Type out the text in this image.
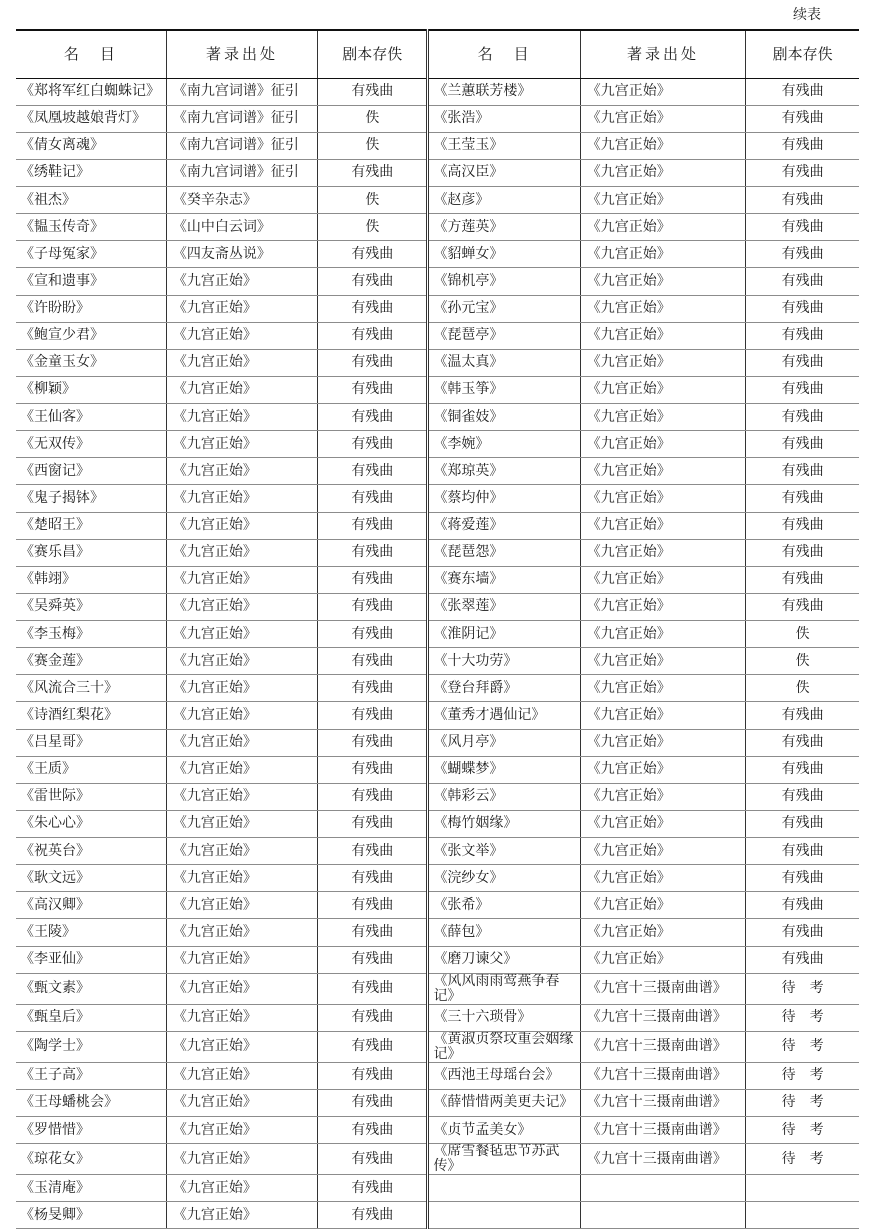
续表
名　目	著录出处	剧本存佚	名　目	著录出处	剧本存佚
《郑将军红白蜘蛛记》	《南九宫词谱》征引	有残曲	《兰蕙联芳楼》	《九宫正始》	有残曲
《凤凰坡越娘背灯》	《南九宫词谱》征引	佚	《张浩》	《九宫正始》	有残曲
《倩女离魂》	《南九宫词谱》征引	佚	《王莹玉》	《九宫正始》	有残曲
《绣鞋记》	《南九宫词谱》征引	有残曲	《高汉臣》	《九宫正始》	有残曲
《祖杰》	《癸辛杂志》	佚	《赵彦》	《九宫正始》	有残曲
《韫玉传奇》	《山中白云词》	佚	《方莲英》	《九宫正始》	有残曲
《子母冤家》	《四友斋丛说》	有残曲	《貂蝉女》	《九宫正始》	有残曲
《宣和遗事》	《九宫正始》	有残曲	《锦机亭》	《九宫正始》	有残曲
《许盼盼》	《九宫正始》	有残曲	《孙元宝》	《九宫正始》	有残曲
《鲍宣少君》	《九宫正始》	有残曲	《琵琶亭》	《九宫正始》	有残曲
《金童玉女》	《九宫正始》	有残曲	《温太真》	《九宫正始》	有残曲
《柳颖》	《九宫正始》	有残曲	《韩玉筝》	《九宫正始》	有残曲
《王仙客》	《九宫正始》	有残曲	《铜雀妓》	《九宫正始》	有残曲
《无双传》	《九宫正始》	有残曲	《李婉》	《九宫正始》	有残曲
《西窗记》	《九宫正始》	有残曲	《郑琼英》	《九宫正始》	有残曲
《鬼子揭钵》	《九宫正始》	有残曲	《蔡均仲》	《九宫正始》	有残曲
《楚昭王》	《九宫正始》	有残曲	《蒋爱莲》	《九宫正始》	有残曲
《赛乐昌》	《九宫正始》	有残曲	《琵琶怨》	《九宫正始》	有残曲
《韩翊》	《九宫正始》	有残曲	《赛东墙》	《九宫正始》	有残曲
《吴舜英》	《九宫正始》	有残曲	《张翠莲》	《九宫正始》	有残曲
《李玉梅》	《九宫正始》	有残曲	《淮阴记》	《九宫正始》	佚
《赛金莲》	《九宫正始》	有残曲	《十大功劳》	《九宫正始》	佚
《风流合三十》	《九宫正始》	有残曲	《登台拜爵》	《九宫正始》	佚
《诗酒红梨花》	《九宫正始》	有残曲	《董秀才遇仙记》	《九宫正始》	有残曲
《吕星哥》	《九宫正始》	有残曲	《风月亭》	《九宫正始》	有残曲
《王质》	《九宫正始》	有残曲	《蝴蝶梦》	《九宫正始》	有残曲
《雷世际》	《九宫正始》	有残曲	《韩彩云》	《九宫正始》	有残曲
《朱心心》	《九宫正始》	有残曲	《梅竹姻缘》	《九宫正始》	有残曲
《祝英台》	《九宫正始》	有残曲	《张文举》	《九宫正始》	有残曲
《耿文远》	《九宫正始》	有残曲	《浣纱女》	《九宫正始》	有残曲
《高汉卿》	《九宫正始》	有残曲	《张希》	《九宫正始》	有残曲
《王陵》	《九宫正始》	有残曲	《薛包》	《九宫正始》	有残曲
《李亚仙》	《九宫正始》	有残曲	《磨刀谏父》	《九宫正始》	有残曲
《甄文素》	《九宫正始》	有残曲	《风风雨雨莺燕争春记》	《九宫十三摄南曲谱》	待　考
《甄皇后》	《九宫正始》	有残曲	《三十六琐骨》	《九宫十三摄南曲谱》	待　考
《陶学士》	《九宫正始》	有残曲	《黄淑贞祭坟重会姻缘记》	《九宫十三摄南曲谱》	待　考
《王子高》	《九宫正始》	有残曲	《西池王母瑶台会》	《九宫十三摄南曲谱》	待　考
《王母蟠桃会》	《九宫正始》	有残曲	《薛惜惜两美更夫记》	《九宫十三摄南曲谱》	待　考
《罗惜惜》	《九宫正始》	有残曲	《贞节孟美女》	《九宫十三摄南曲谱》	待　考
《琼花女》	《九宫正始》	有残曲	《席雪餐毡忠节苏武传》	《九宫十三摄南曲谱》	待　考
《玉清庵》	《九宫正始》	有残曲			
《杨旻卿》	《九宫正始》	有残曲			
